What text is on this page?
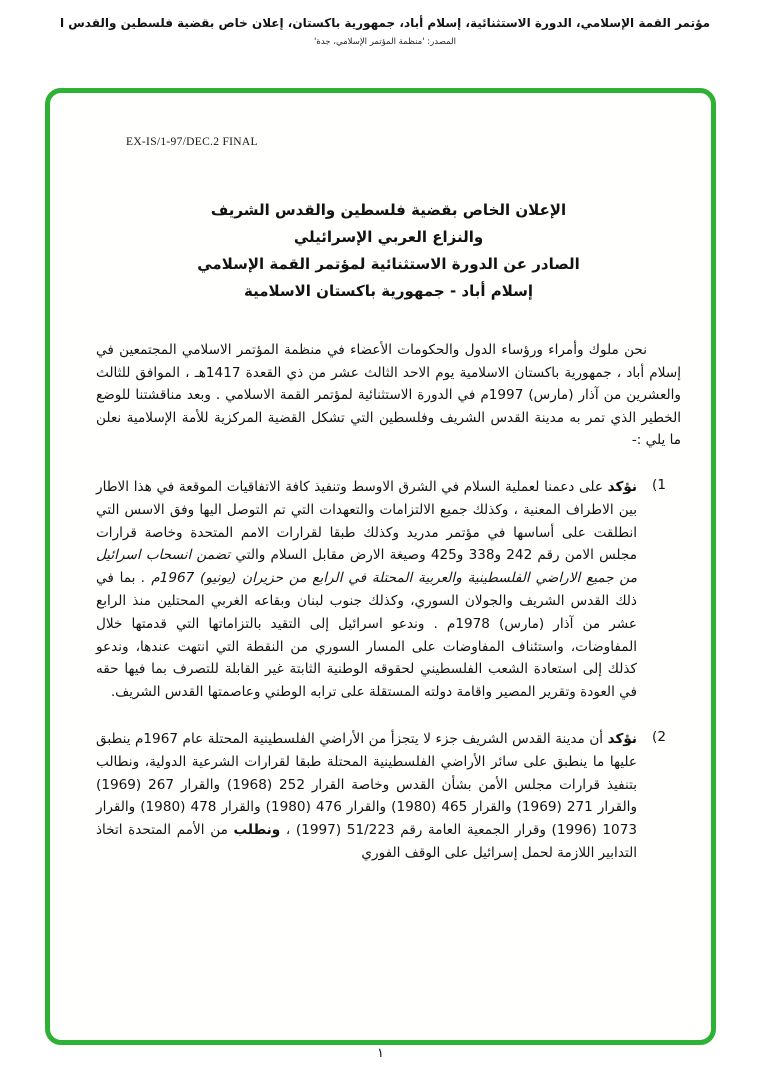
مؤتمر القمة الإسلامي، الدورة الاستثنائية، إسلام أباد، جمهورية باكستان، إعلان خاص بقضية فلسطين والقدس ا
المصدر: 'منظمة المؤتمر الإسلامي، جدة'
EX-IS/1-97/DEC.2 FINAL
الإعلان الخاص بقضية فلسطين والقدس الشريف
والنزاع العربي الإسرائيلي
الصادر عن الدورة الاستثنائية لمؤتمر القمة الإسلامي
إسلام أباد - جمهورية باكستان الاسلامية

نحن ملوك وأمراء ورؤساء الدول والحكومات الأعضاء في منظمة المؤتمر الاسلامي المجتمعين في إسلام أباد ، جمهورية باكستان الاسلامية يوم الاحد الثالث عشر من ذي القعدة 1417هـ ، الموافق للثالث والعشرين من آذار (مارس) 1997م في الدورة الاستثنائية لمؤتمر القمة الاسلامي . وبعد مناقشتنا للوضع الخطير الذي تمر به مدينة القدس الشريف وفلسطين التي تشكل القضية المركزية للأمة الإسلامية نعلن ما يلي :-

(1
نؤكد على دعمنا لعملية السلام في الشرق الاوسط وتنفيذ كافة الاتفاقيات الموقعة في هذا الاطار بين الاطراف المعنية ، وكذلك جميع الالتزامات والتعهدات التي تم التوصل اليها وفق الاسس التي انطلقت على أساسها في مؤتمر مدريد وكذلك طبقا لقرارات الامم المتحدة وخاصة قرارات مجلس الامن رقم 242 و338 و425 وصيغة الارض مقابل السلام والتي تضمن انسحاب اسرائيل من جميع الاراضي الفلسطينية والعربية المحتلة في الرابع من حزيران (يونيو) 1967م . بما في ذلك القدس الشريف والجولان السوري، وكذلك جنوب لبنان وبقاعه الغربي المحتلين منذ الرابع عشر من آذار (مارس) 1978م . وندعو اسرائيل إلى التقيد بالتزاماتها التي قدمتها خلال المفاوضات، واستئناف المفاوضات على المسار السوري من النقطة التي انتهت عندها، وندعو كذلك إلى استعادة الشعب الفلسطيني لحقوقه الوطنية الثابتة غير القابلة للتصرف بما فيها حقه في العودة وتقرير المصير واقامة دولته المستقلة على ترابه الوطني وعاصمتها القدس الشريف.
(2
نؤكد أن مدينة القدس الشريف جزء لا يتجزأ من الأراضي الفلسطينية المحتلة عام 1967م ينطبق عليها ما ينطبق على سائر الأراضي الفلسطينية المحتلة طبقا لقرارات الشرعية الدولية، ونطالب بتنفيذ قرارات مجلس الأمن بشأن القدس وخاصة القرار 252 (1968) والقرار 267 (1969) والقرار 271 (1969) والقرار 465 (1980) والقرار 476 (1980) والقرار 478 (1980) والقرار 1073 (1996) وقرار الجمعية العامة رقم 51/223 (1997) ، ونطلب من الأمم المتحدة اتخاذ التدابير اللازمة لحمل إسرائيل على الوقف الفوري
١
